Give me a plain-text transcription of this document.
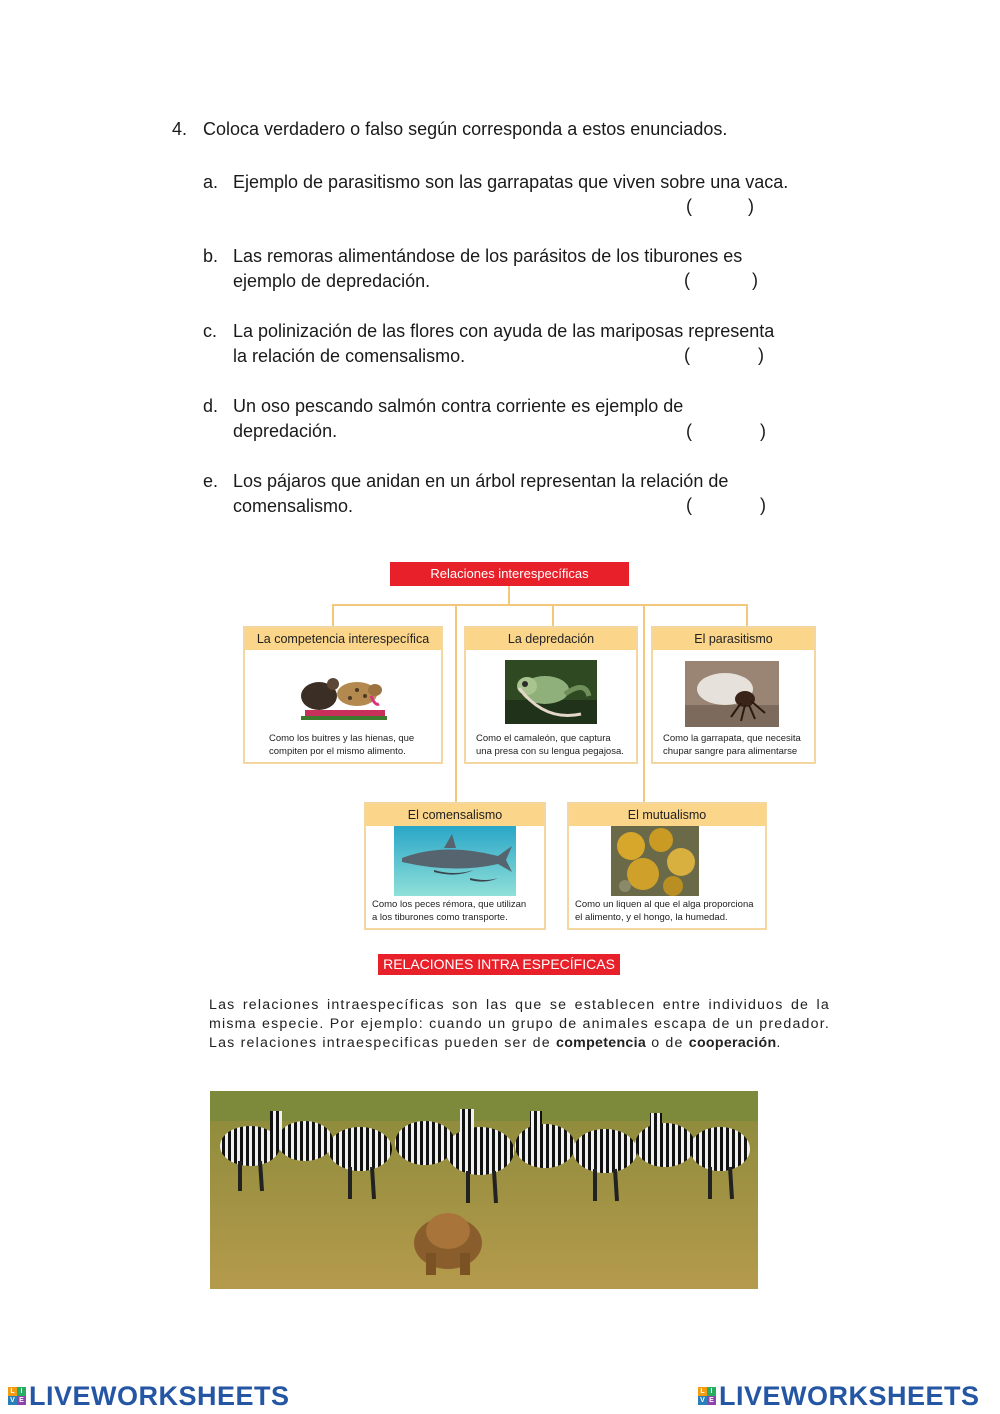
4. Coloca verdadero o falso según corresponda a estos enunciados.
a. Ejemplo de parasitismo son las garrapatas que viven sobre una vaca.
(	)
b. Las remoras alimentándose de los parásitos de los tiburones es
ejemplo de depredación.	(	)
c. La polinización de las flores con ayuda de las mariposas representa
la relación de comensalismo.	(	)
d. Un oso pescando salmón contra corriente es ejemplo de
depredación.	(	)
e. Los pájaros que anidan en un árbol representan la relación de
comensalismo.	(	)
Relaciones interespecíficas
La competencia interespecífica
Como los buitres y las hienas, que
compiten por el mismo alimento.
La depredación
Como el camaleón, que captura
una presa con su lengua pegajosa.
El parasitismo
Como la garrapata, que necesita
chupar sangre para alimentarse
El comensalismo
Como los peces rémora, que utilizan
a los tiburones como transporte.
El mutualismo
Como un liquen al que el alga proporciona
el alimento, y el hongo, la humedad.
RELACIONES INTRA ESPECÍFICAS
Las relaciones intraespecíficas son las que se establecen entre individuos de la misma especie. Por ejemplo: cuando un grupo de animales escapa de un predador. Las relaciones intraespecificas pueden ser de competencia o de cooperación.
L I
V E LIVEWORKSHEETS	L I
V E LIVEWORKSHEETS
